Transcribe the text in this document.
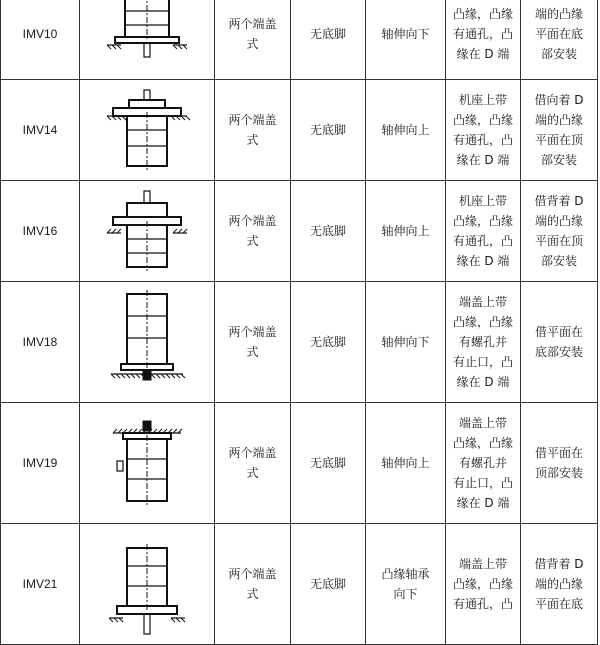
IMV10		两个端盖
式	无底脚	轴伸向下	凸缘，凸缘
有通孔，凸
缘在 D 端	端的凸缘
平面在底
部安装

IMV14		两个端盖
式	无底脚	轴伸向上	机座上带
凸缘，凸缘
有通孔，凸
缘在 D 端	借向着 D
端的凸缘
平面在顶
部安装

IMV16		两个端盖
式	无底脚	轴伸向上	机座上带
凸缘，凸缘
有通孔，凸
缘在 D 端	借背着 D
端的凸缘
平面在顶
部安装

IMV18		两个端盖
式	无底脚	轴伸向下	端盖上带
凸缘，凸缘
有螺孔并
有止口，凸
缘在 D 端	借平面在
底部安装

IMV19		两个端盖
式	无底脚	轴伸向上	端盖上带
凸缘，凸缘
有螺孔并
有止口，凸
缘在 D 端	借平面在
顶部安装

IMV21		两个端盖
式	无底脚	凸缘轴承
向下	端盖上带
凸缘，凸缘
有通孔，凸	借背着 D
端的凸缘
平面在底
